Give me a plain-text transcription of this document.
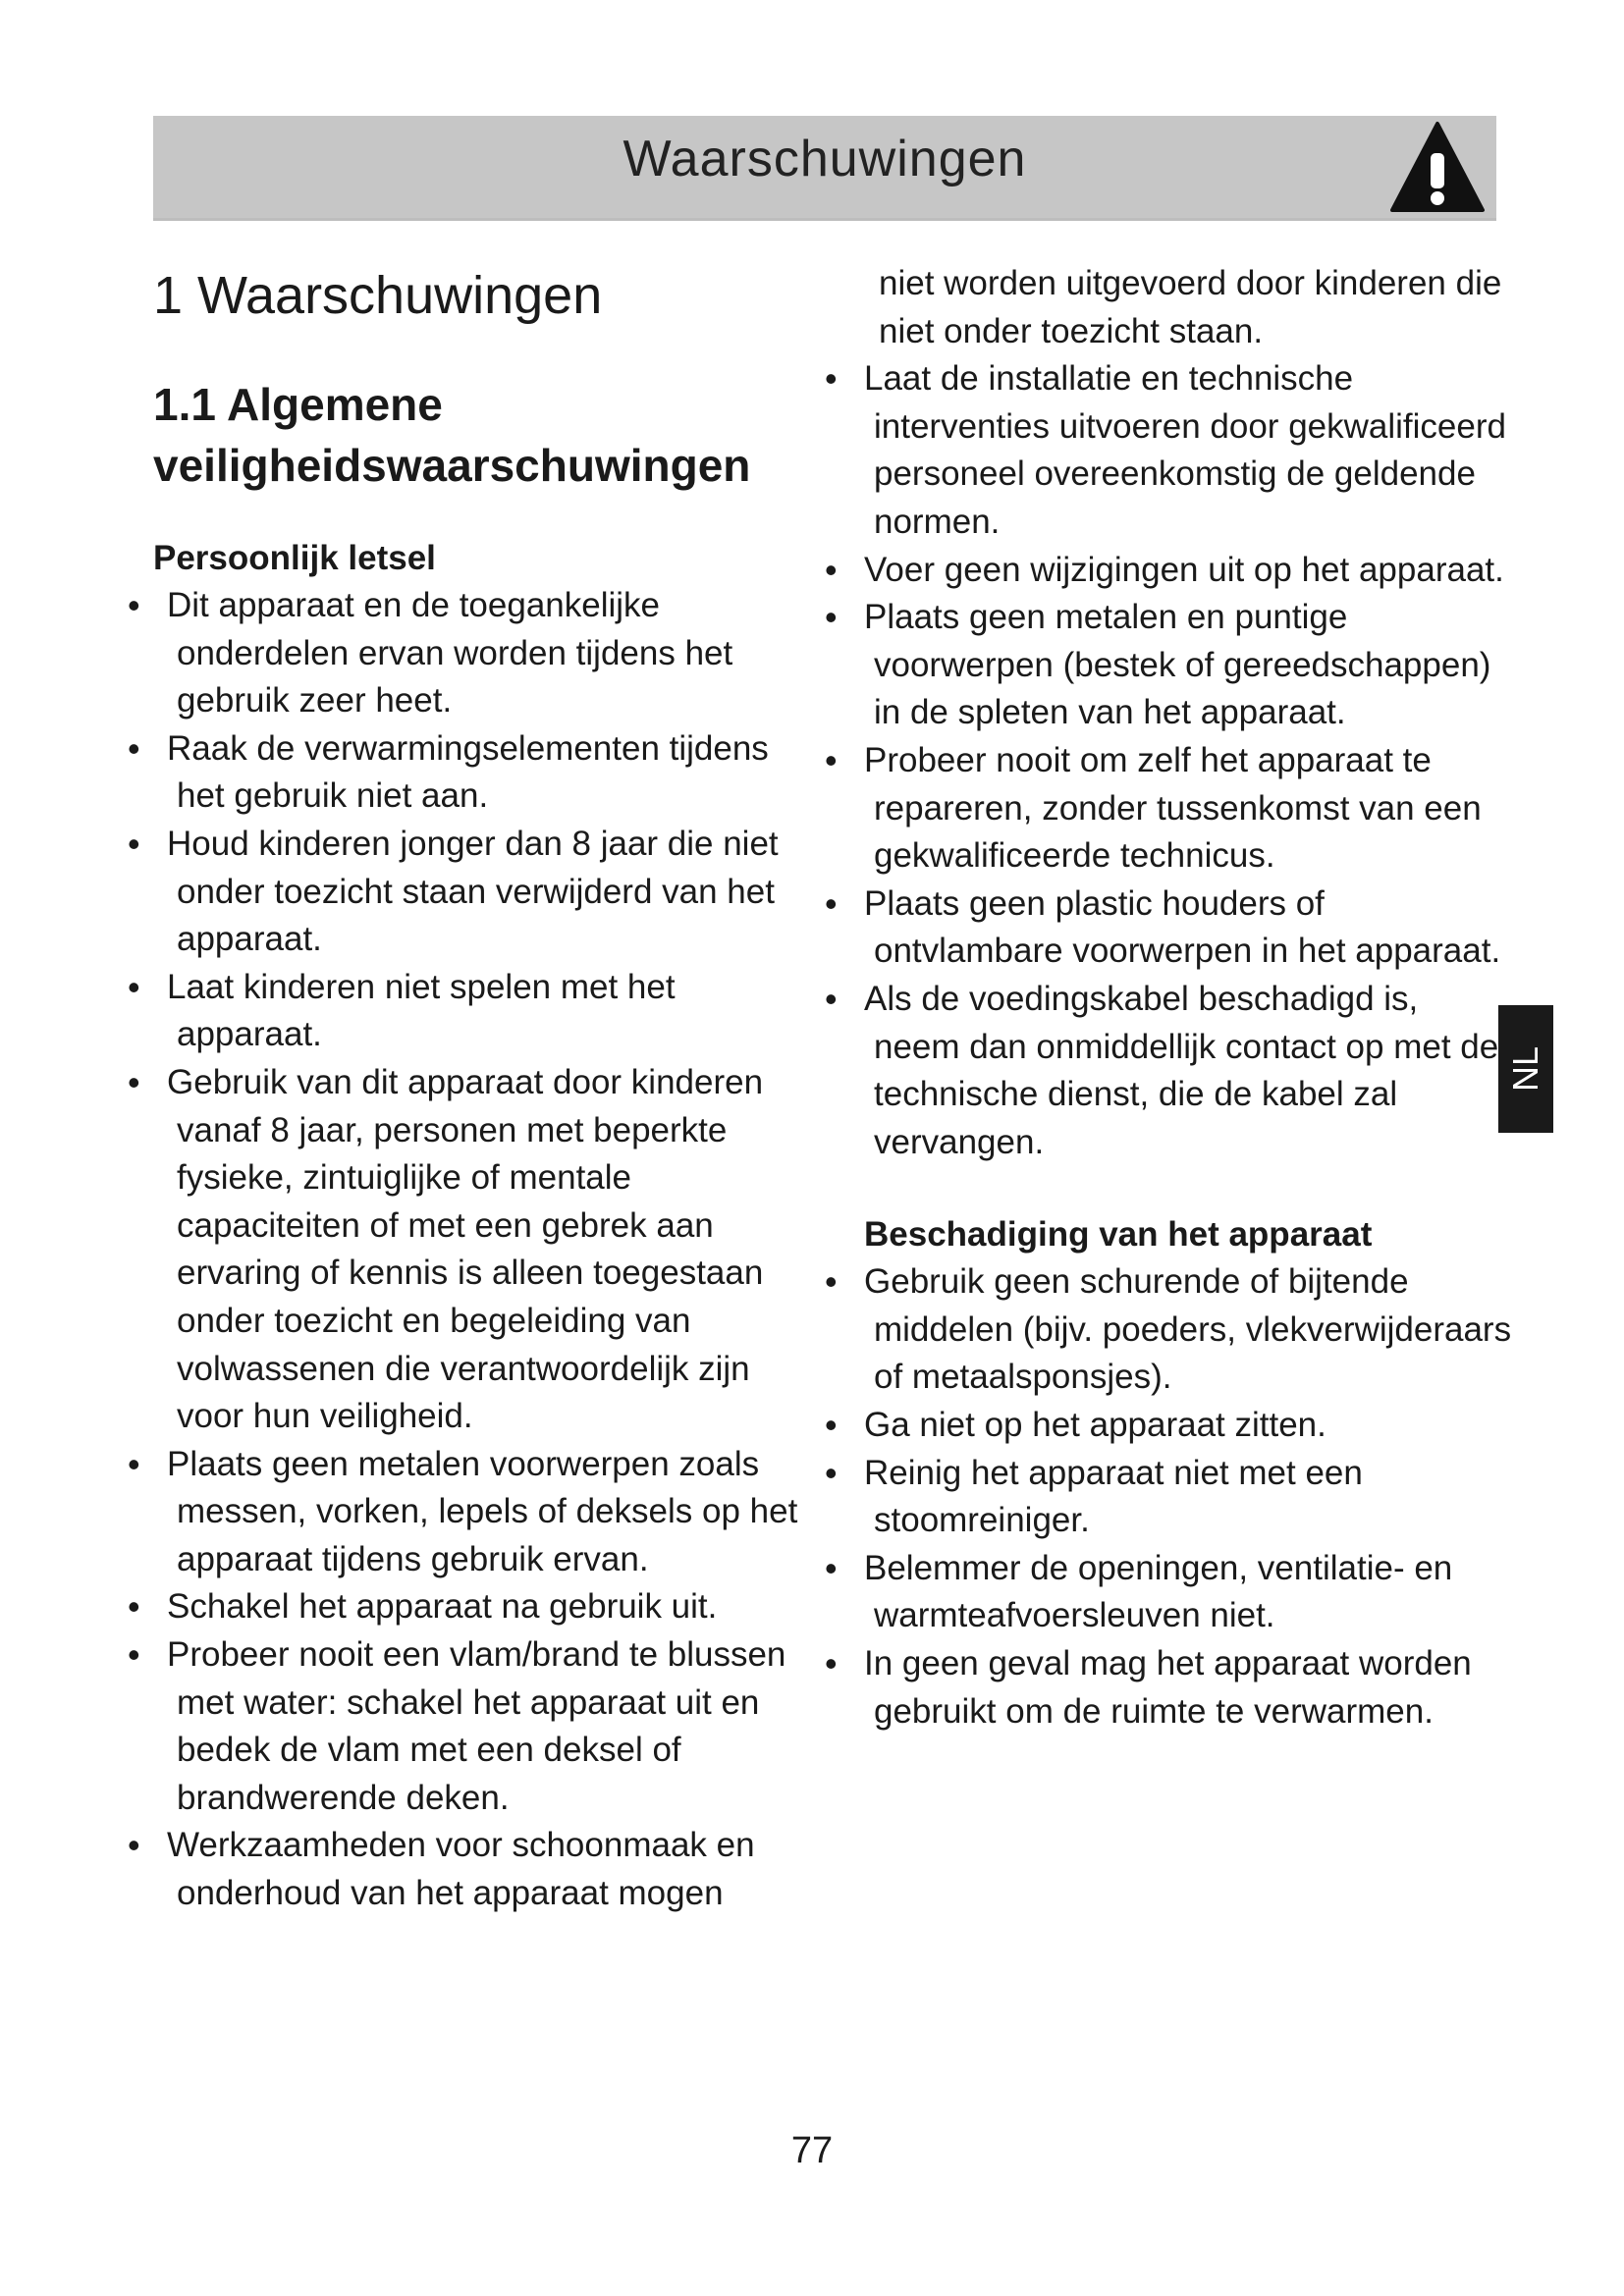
Waarschuwingen
1 Waarschuwingen
1.1 Algemene veiligheidswaarschuwingen
Persoonlijk letsel
• Dit apparaat en de toegankelijke onderdelen ervan worden tijdens het gebruik zeer heet.
• Raak de verwarmingselementen tijdens het gebruik niet aan.
• Houd kinderen jonger dan 8 jaar die niet onder toezicht staan verwijderd van het apparaat.
• Laat kinderen niet spelen met het apparaat.
• Gebruik van dit apparaat door kinderen vanaf 8 jaar, personen met beperkte fysieke, zintuiglijke of mentale capaciteiten of met een gebrek aan ervaring of kennis is alleen toegestaan onder toezicht en begeleiding van volwassenen die verantwoordelijk zijn voor hun veiligheid.
• Plaats geen metalen voorwerpen zoals messen, vorken, lepels of deksels op het apparaat tijdens gebruik ervan.
• Schakel het apparaat na gebruik uit.
• Probeer nooit een vlam/brand te blussen met water: schakel het apparaat uit en bedek de vlam met een deksel of brandwerende deken.
• Werkzaamheden voor schoonmaak en onderhoud van het apparaat mogen
niet worden uitgevoerd door kinderen die niet onder toezicht staan.
• Laat de installatie en technische interventies uitvoeren door gekwalificeerd personeel overeenkomstig de geldende normen.
• Voer geen wijzigingen uit op het apparaat.
• Plaats geen metalen en puntige voorwerpen (bestek of gereedschappen) in de spleten van het apparaat.
• Probeer nooit om zelf het apparaat te repareren, zonder tussenkomst van een gekwalificeerde technicus.
• Plaats geen plastic houders of ontvlambare voorwerpen in het apparaat.
• Als de voedingskabel beschadigd is, neem dan onmiddellijk contact op met de technische dienst, die de kabel zal vervangen.
Beschadiging van het apparaat
• Gebruik geen schurende of bijtende middelen (bijv. poeders, vlekverwijderaars of metaalsponsjes).
• Ga niet op het apparaat zitten.
• Reinig het apparaat niet met een stoomreiniger.
• Belemmer de openingen, ventilatie- en warmteafvoersleuven niet.
• In geen geval mag het apparaat worden gebruikt om de ruimte te verwarmen.
NL
77
